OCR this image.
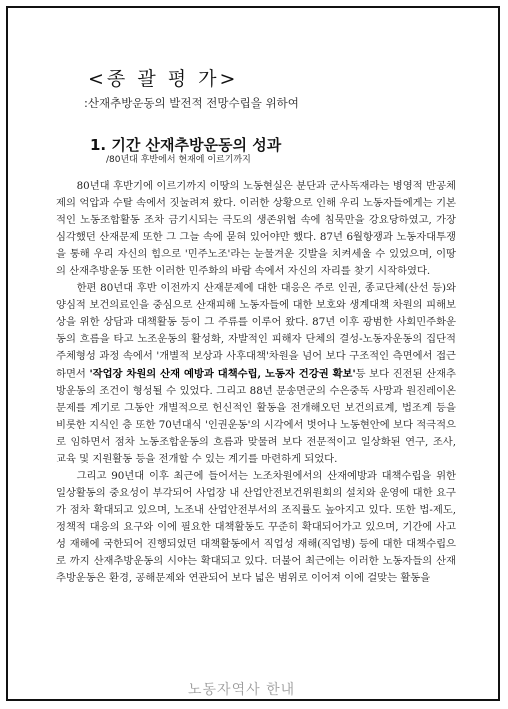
<종 괄 평 가>
:산재추방운동의 발전적 전망수립을 위하여
1. 기간 산재추방운동의 성과
/80년대 후반에서 현재에 이르기까지

80년대 후반기에 이르기까지 이땅의 노동현실은 분단과 군사독재라는 병영적 반공체제의 억압과 수탈 속에서 짓눌려져 왔다. 이러한 상황으로 인해 우리 노동자들에게는 기본적인 노동조합활동 조차 금기시되는 극도의 생존위협 속에 침묵만을 강요당하였고, 가장 심각했던 산재문제 또한 그 그늘 속에 묻혀 있어야만 했다. 87년 6월항쟁과 노동자대투쟁을 통해 우리 자신의 힘으로 '민주노조'라는 눈물겨운 깃발을 치켜세울 수 있었으며, 이땅의 산재추방운동 또한 이러한 민주화의 바람 속에서 자신의 자리를 찾기 시작하였다.

한편 80년대 후반 이전까지 산재문제에 대한 대응은 주로 인권, 종교단체(산선 등)와 양심적 보건의료인을 중심으로 산재피해 노동자들에 대한 보호와 생계대책 차원의 피해보상을 위한 상담과 대책활동 등이 그 주류를 이루어 왔다. 87년 이후 광범한 사회민주화운동의 흐름을 타고 노조운동의 활성화, 자발적인 피해자 단체의 결성-노동자운동의 집단적 주체형성 과정 속에서 '개별적 보상과 사후대책'차원을 넘어 보다 구조적인 측면에서 접근하면서 '작업장 차원의 산재 예방과 대책수립, 노동자 건강권 확보'등 보다 진전된 산재추방운동의 조건이 형성될 수 있었다. 그리고 88년 문송면군의 수은중독 사망과 원진레이온 문제를 계기로 그동안 개별적으로 헌신적인 활동을 전개해오던 보건의료계, 법조계 등을 비롯한 지식인 층 또한 70년대식 '인권운동'의 시각에서 벗어나 노동현안에 보다 적극적으로 임하면서 점차 노동조합운동의 흐름과 맞물려 보다 전문적이고 일상화된 연구, 조사, 교육 및 지원활동 등을 전개할 수 있는 계기를 마련하게 되었다.

그리고 90년대 이후 최근에 들어서는 노조차원에서의 산재예방과 대책수립을 위한 일상활동의 중요성이 부각되어 사업장 내 산업안전보건위원회의 설치와 운영에 대한 요구가 점차 확대되고 있으며, 노조내 산업안전부서의 조직률도 높아지고 있다. 또한 법-제도, 정책적 대응의 요구와 이에 필요한 대책활동도 꾸준히 확대되어가고 있으며, 기간에 사고성 재해에 국한되어 진행되었던 대책활동에서 직업성 재해(직업병) 등에 대한 대책수립으로 까지 산재추방운동의 시야는 확대되고 있다. 더불어 최근에는 이러한 노동자들의 산재추방운동은 환경, 공해문제와 연관되어 보다 넓은 범위로 이어져 이에 걸맞는 활동을

노동자역사 한내
